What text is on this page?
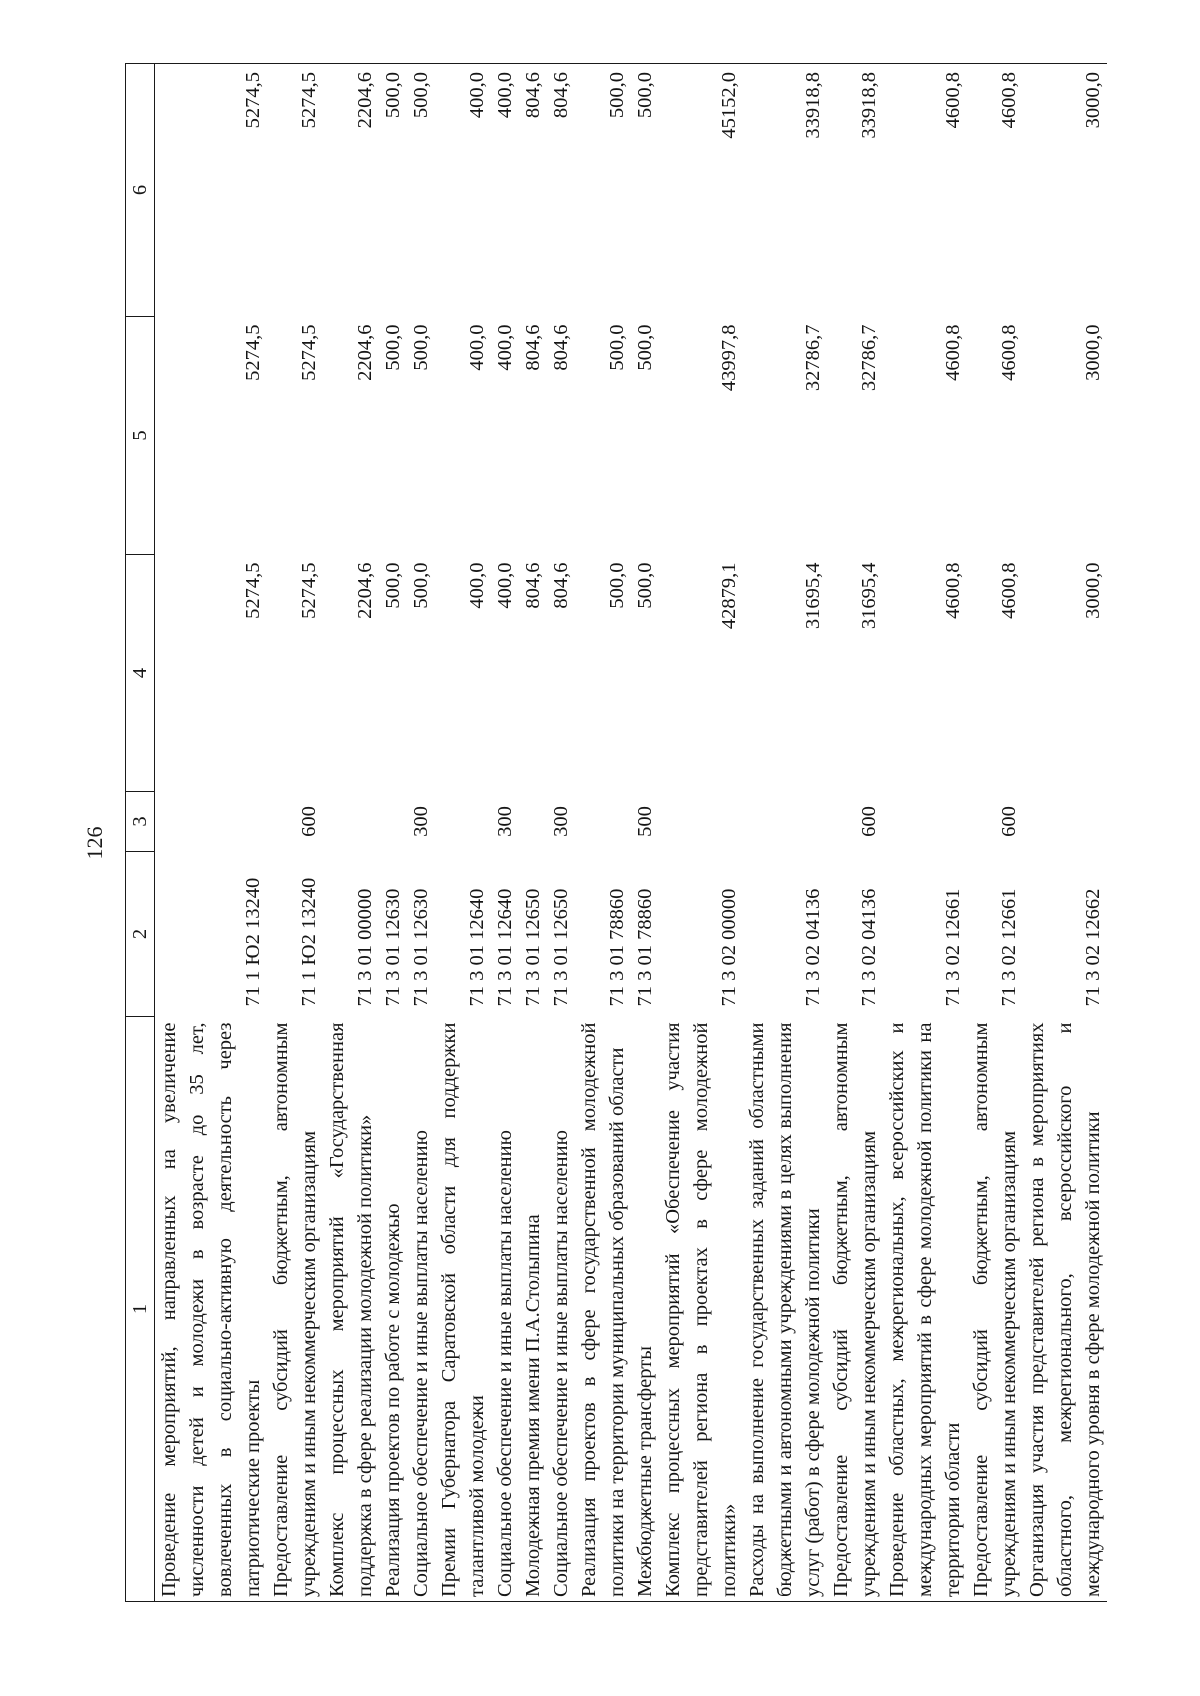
126
1	2	3	4	5	6
Проведение мероприятий, направленных на увеличение численности детей и молодежи в возрасте до 35 лет, вовлеченных в социально-активную деятельность через патриотические проекты	71 1 Ю2 13240		5274,5	5274,5	5274,5
Предоставление субсидий бюджетным, автономным учреждениям и иным некоммерческим организациям	71 1 Ю2 13240	600	5274,5	5274,5	5274,5
Комплекс процессных мероприятий «Государственная поддержка в сфере реализации молодежной политики»	71 3 01 00000		2204,6	2204,6	2204,6
Реализация проектов по работе с молодежью	71 3 01 12630		500,0	500,0	500,0
Социальное обеспечение и иные выплаты населению	71 3 01 12630	300	500,0	500,0	500,0
Премии Губернатора Саратовской области для поддержки талантливой молодежи	71 3 01 12640		400,0	400,0	400,0
Социальное обеспечение и иные выплаты населению	71 3 01 12640	300	400,0	400,0	400,0
Молодежная премия имени П.А.Столыпина	71 3 01 12650		804,6	804,6	804,6
Социальное обеспечение и иные выплаты населению	71 3 01 12650	300	804,6	804,6	804,6
Реализация проектов в сфере государственной молодежной политики на территории муниципальных образований области	71 3 01 78860		500,0	500,0	500,0
Межбюджетные трансферты	71 3 01 78860	500	500,0	500,0	500,0
Комплекс процессных мероприятий «Обеспечение участия представителей региона в проектах в сфере молодежной политики»	71 3 02 00000		42879,1	43997,8	45152,0
Расходы на выполнение государственных заданий областными бюджетными и автономными учреждениями в целях выполнения услуг (работ) в сфере молодежной политики	71 3 02 04136		31695,4	32786,7	33918,8
Предоставление субсидий бюджетным, автономным учреждениям и иным некоммерческим организациям	71 3 02 04136	600	31695,4	32786,7	33918,8
Проведение областных, межрегиональных, всероссийских и международных мероприятий в сфере молодежной политики на территории области	71 3 02 12661		4600,8	4600,8	4600,8
Предоставление субсидий бюджетным, автономным учреждениям и иным некоммерческим организациям	71 3 02 12661	600	4600,8	4600,8	4600,8
Организация участия представителей региона в мероприятиях областного, межрегионального, всероссийского и международного уровня в сфере молодежной политики	71 3 02 12662		3000,0	3000,0	3000,0
